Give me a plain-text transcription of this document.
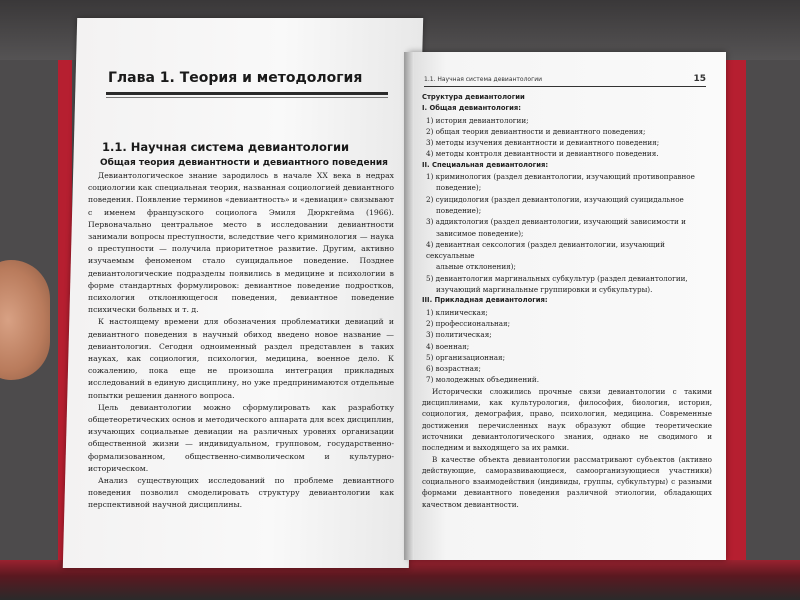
Глава 1. Теория и методология
1.1. Научная система девиантологии
Общая теория девиантности и девиантного поведения

Девиантологическое знание зародилось в начале XX века в недрах социологии как специальная теория, названная социологией девиантного поведения. Появление терминов «девиантность» и «девиация» связывают с именем французского социолога Эмиля Дюркгейма (1966). Первоначально центральное место в исследовании девиантности занимали вопросы преступности, вследствие чего криминология — наука о преступности — получила приоритетное развитие. Другим, активно изучаемым феноменом стало суицидальное поведение. Позднее девиантологические подразделы появились в медицине и психологии в форме стандартных формулировок: девиантное поведение подростков, психология отклоняющегося поведения, девиантное поведение психически больных и т. д.

К настоящему времени для обозначения проблематики девиаций и девиантного поведения в научный обиход введено новое название — девиантология. Сегодня одноименный раздел представлен в таких науках, как социология, психология, медицина, военное дело. К сожалению, пока еще не произошла интеграция прикладных исследований в единую дисциплину, но уже предпринимаются отдельные попытки решения данного вопроса.

Цель девиантологии можно сформулировать как разработку общетеоретических основ и методического аппарата для всех дисциплин, изучающих социальные девиации на различных уровнях организации общественной жизни — индивидуальном, групповом, государственно-формализованном, общественно-символическом и культурно-историческом.

Анализ существующих исследований по проблеме девиантного поведения позволил смоделировать структуру девиантологии как перспективной научной дисциплины.

1.1. Научная система девиантологии	15
Структура девиантологии
I. Общая девиантология:
1) история девиантологии;
2) общая теория девиантности и девиантного поведения;
3) методы изучения девиантности и девиантного поведения;
4) методы контроля девиантности и девиантного поведения.
II. Специальная девиантология:
1) криминология (раздел девиантологии, изучающий противоправное
поведение);
2) суицидология (раздел девиантологии, изучающий суицидальное
поведение);
3) аддиктология (раздел девиантологии, изучающий зависимости и
зависимое поведение);
4) девиантная сексология (раздел девиантологии, изучающий сексуальные
альные отклонения);
5) девиантология маргинальных субкультур (раздел девиантологии,
изучающий маргинальные группировки и субкультуры).
III. Прикладная девиантология:
1) клиническая;
2) профессиональная;
3) политическая;
4) военная;
5) организационная;
6) возрастная;
7) молодежных объединений.

Исторически сложились прочные связи девиантологии с такими дисциплинами, как культурология, философия, биология, история, социология, демография, право, психология, медицина. Современные достижения перечисленных наук образуют общие теоретические источники девиантологического знания, однако не сводимого и последним и выходящего за их рамки.

В качестве объекта девиантологии рассматривают субъектов (активно действующие, саморазвивающиеся, самоорганизующиеся участники) социального взаимодействия (индивиды, группы, субкультуры) с разными формами девиантного поведения различной этиологии, обладающих качеством девиантности.
